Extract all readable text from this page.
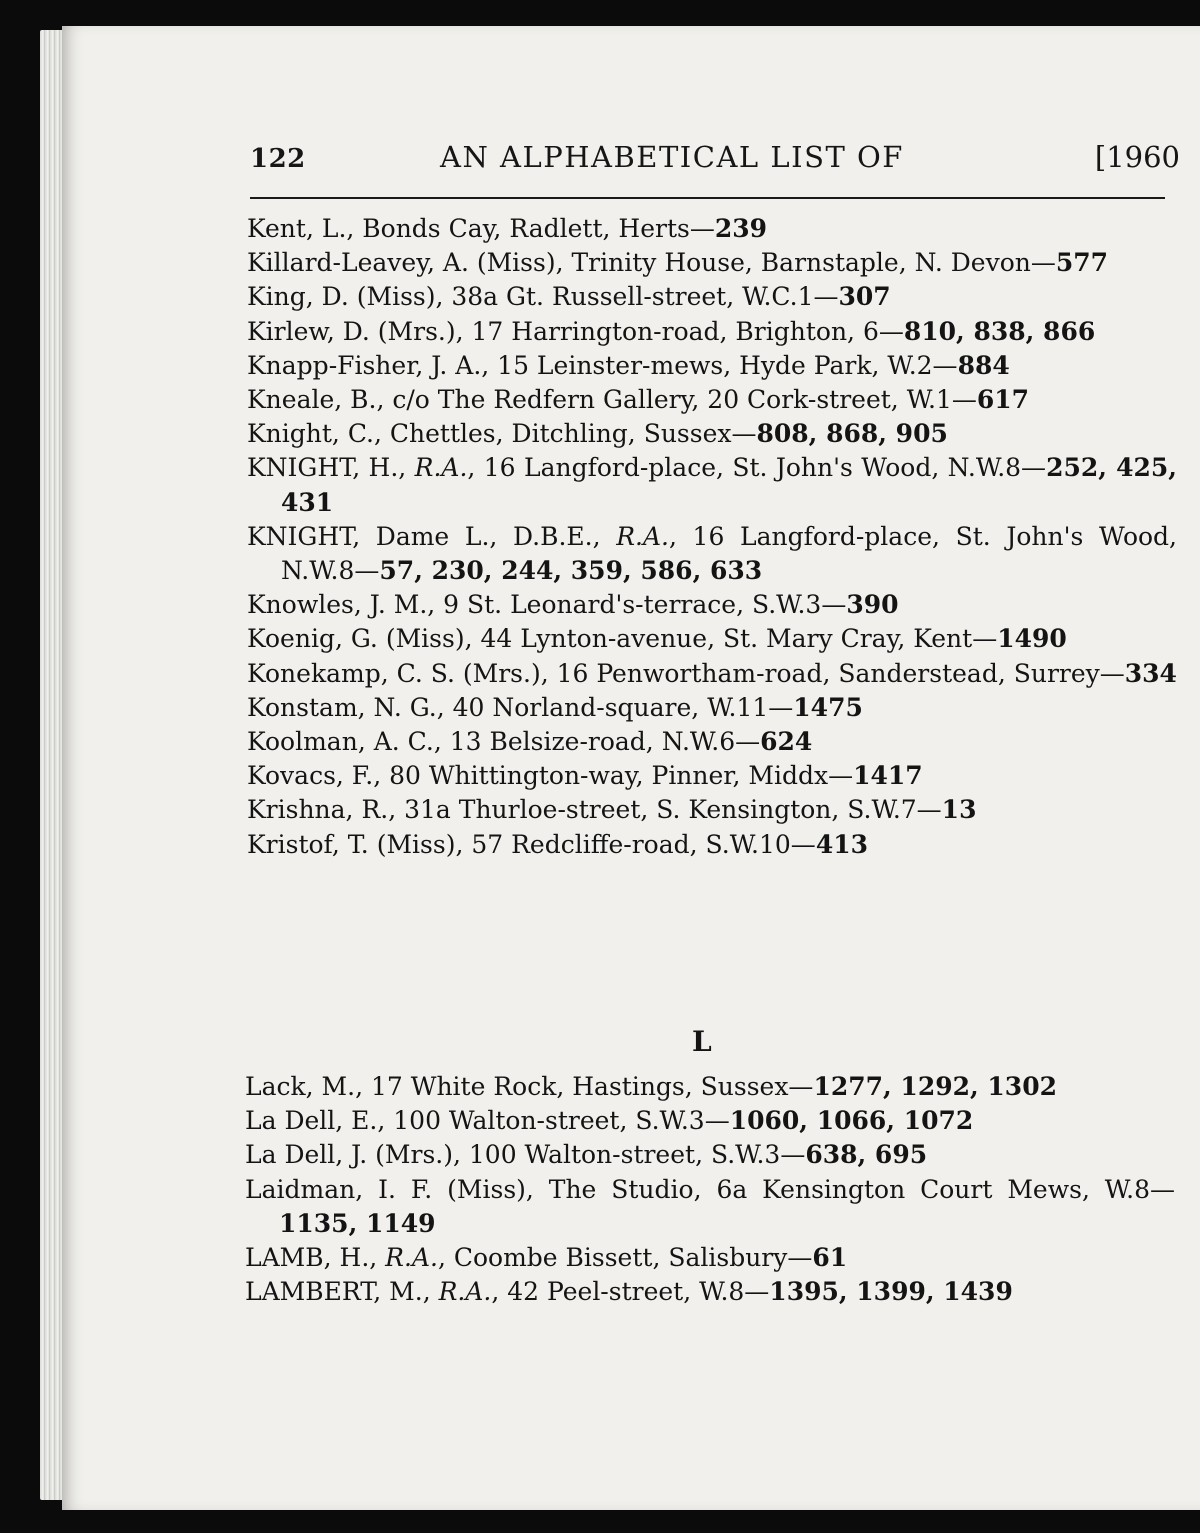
122	AN ALPHABETICAL LIST OF	[1960

Kent, L., Bonds Cay, Radlett, Herts—239

Killard-Leavey, A. (Miss), Trinity House, Barnstaple, N. Devon—577

King, D. (Miss), 38a Gt. Russell-street, W.C.1—307

Kirlew, D. (Mrs.), 17 Harrington-road, Brighton, 6—810, 838, 866

Knapp-Fisher, J. A., 15 Leinster-mews, Hyde Park, W.2—884

Kneale, B., c/o The Redfern Gallery, 20 Cork-street, W.1—617

Knight, C., Chettles, Ditchling, Sussex—808, 868, 905

KNIGHT, H., R.A., 16 Langford-place, St. John's Wood, N.W.8—252, 425, 431

KNIGHT, Dame L., D.B.E., R.A., 16 Langford-place, St. John's Wood, N.W.8—57, 230, 244, 359, 586, 633

Knowles, J. M., 9 St. Leonard's-terrace, S.W.3—390

Koenig, G. (Miss), 44 Lynton-avenue, St. Mary Cray, Kent—1490

Konekamp, C. S. (Mrs.), 16 Penwortham-road, Sanderstead, Surrey—334

Konstam, N. G., 40 Norland-square, W.11—1475

Koolman, A. C., 13 Belsize-road, N.W.6—624

Kovacs, F., 80 Whittington-way, Pinner, Middx—1417

Krishna, R., 31a Thurloe-street, S. Kensington, S.W.7—13

Kristof, T. (Miss), 57 Redcliffe-road, S.W.10—413

L

Lack, M., 17 White Rock, Hastings, Sussex—1277, 1292, 1302

La Dell, E., 100 Walton-street, S.W.3—1060, 1066, 1072

La Dell, J. (Mrs.), 100 Walton-street, S.W.3—638, 695

Laidman, I. F. (Miss), The Studio, 6a Kensington Court Mews, W.8—1135, 1149

LAMB, H., R.A., Coombe Bissett, Salisbury—61

LAMBERT, M., R.A., 42 Peel-street, W.8—1395, 1399, 1439
